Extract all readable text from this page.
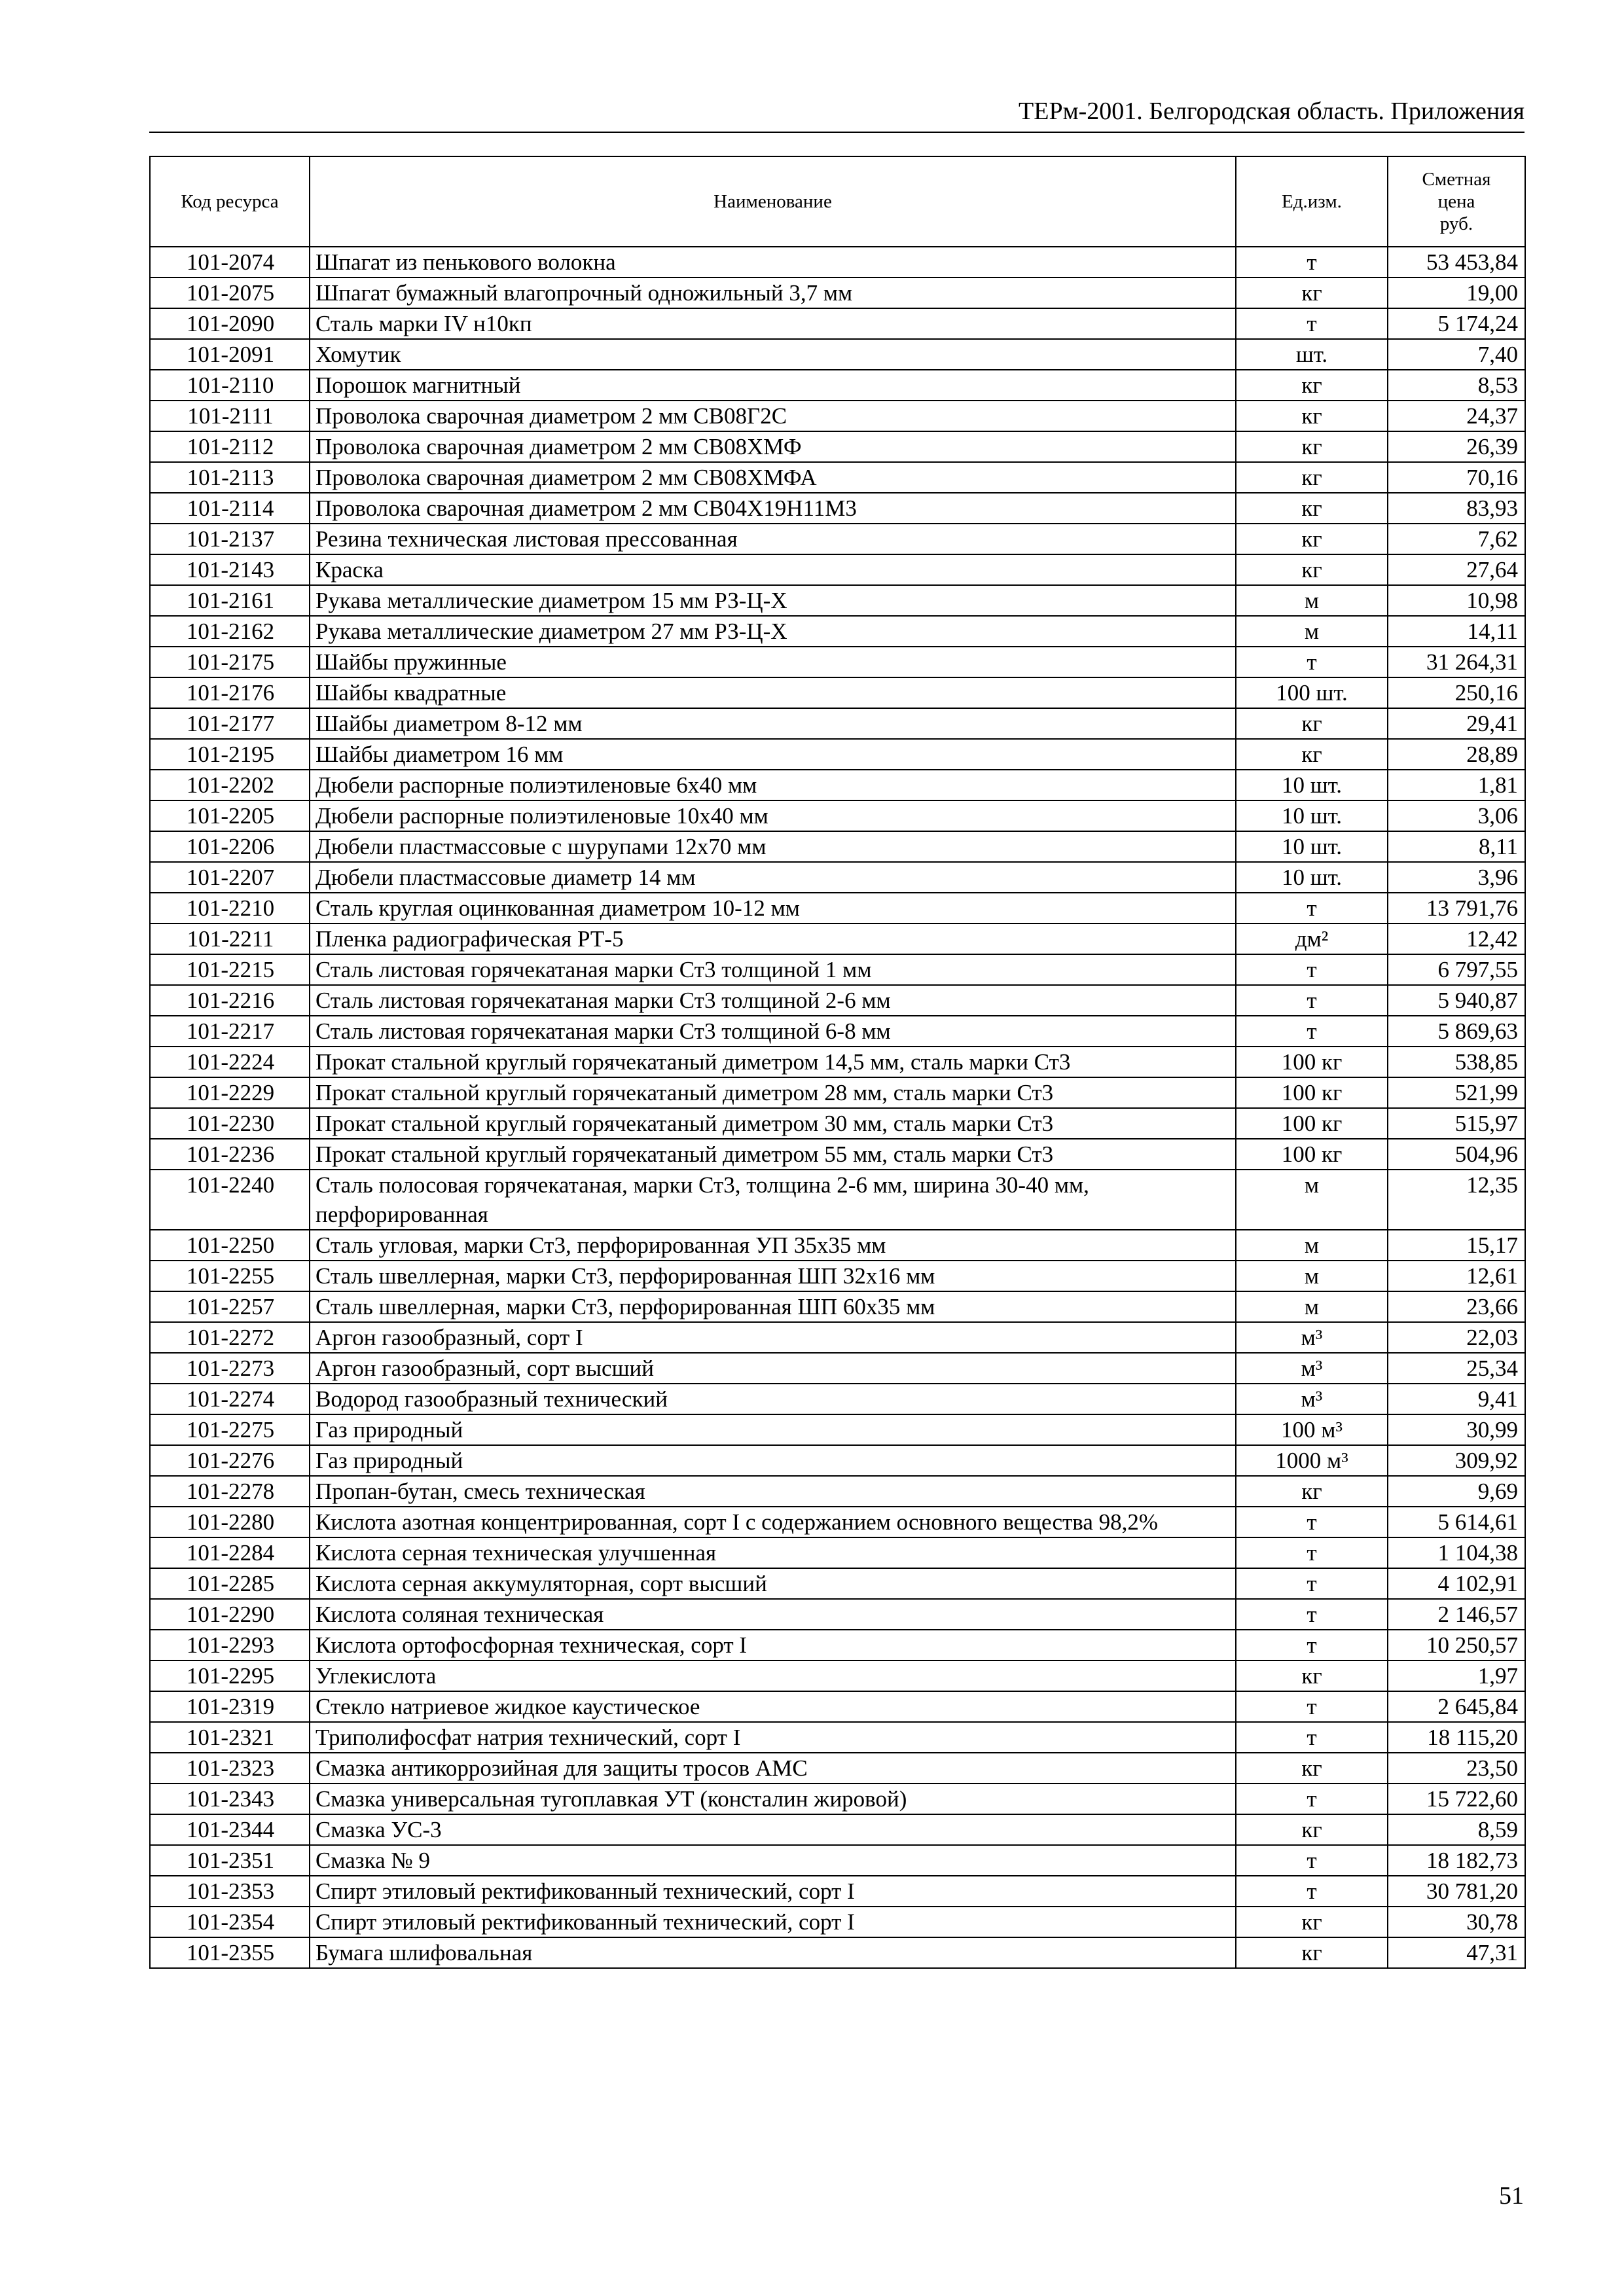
ТЕРм-2001. Белгородская область. Приложения
Код ресурса	Наименование	Ед.изм.	Сметная
цена
руб.

101-2074	Шпагат из пенькового волокна	т	53 453,84
101-2075	Шпагат бумажный влагопрочный одножильный 3,7 мм	кг	19,00
101-2090	Сталь марки IV н10кп	т	5 174,24
101-2091	Хомутик	шт.	7,40
101-2110	Порошок магнитный	кг	8,53
101-2111	Проволока сварочная диаметром 2 мм СВ08Г2С	кг	24,37
101-2112	Проволока сварочная диаметром 2 мм СВ08ХМФ	кг	26,39
101-2113	Проволока сварочная диаметром 2 мм СВ08ХМФА	кг	70,16
101-2114	Проволока сварочная диаметром 2 мм СВ04Х19Н11М3	кг	83,93
101-2137	Резина техническая листовая прессованная	кг	7,62
101-2143	Краска	кг	27,64
101-2161	Рукава металлические диаметром 15 мм РЗ-Ц-Х	м	10,98
101-2162	Рукава металлические диаметром 27 мм РЗ-Ц-Х	м	14,11
101-2175	Шайбы пружинные	т	31 264,31
101-2176	Шайбы квадратные	100 шт.	250,16
101-2177	Шайбы диаметром 8-12 мм	кг	29,41
101-2195	Шайбы диаметром 16 мм	кг	28,89
101-2202	Дюбели распорные полиэтиленовые 6х40 мм	10 шт.	1,81
101-2205	Дюбели распорные полиэтиленовые 10х40 мм	10 шт.	3,06
101-2206	Дюбели пластмассовые с шурупами 12х70 мм	10 шт.	8,11
101-2207	Дюбели пластмассовые диаметр 14 мм	10 шт.	3,96
101-2210	Сталь круглая оцинкованная диаметром 10-12 мм	т	13 791,76
101-2211	Пленка радиографическая РТ-5	дм²	12,42
101-2215	Сталь листовая горячекатаная марки Ст3 толщиной 1 мм	т	6 797,55
101-2216	Сталь листовая горячекатаная марки Ст3 толщиной 2-6 мм	т	5 940,87
101-2217	Сталь листовая горячекатаная марки Ст3 толщиной 6-8 мм	т	5 869,63
101-2224	Прокат стальной круглый горячекатаный диметром 14,5 мм, сталь марки Ст3	100 кг	538,85
101-2229	Прокат стальной круглый горячекатаный диметром 28 мм, сталь марки Ст3	100 кг	521,99
101-2230	Прокат стальной круглый горячекатаный диметром 30 мм, сталь марки Ст3	100 кг	515,97
101-2236	Прокат стальной круглый горячекатаный диметром 55 мм, сталь марки Ст3	100 кг	504,96
101-2240	Сталь полосовая горячекатаная, марки Ст3, толщина 2-6 мм, ширина 30-40 мм, перфорированная	м	12,35
101-2250	Сталь угловая, марки Ст3, перфорированная УП 35х35 мм	м	15,17
101-2255	Сталь швеллерная, марки Ст3, перфорированная ШП 32х16 мм	м	12,61
101-2257	Сталь швеллерная, марки Ст3, перфорированная ШП 60х35 мм	м	23,66
101-2272	Аргон газообразный, сорт I	м³	22,03
101-2273	Аргон газообразный, сорт высший	м³	25,34
101-2274	Водород газообразный технический	м³	9,41
101-2275	Газ природный	100 м³	30,99
101-2276	Газ природный	1000 м³	309,92
101-2278	Пропан-бутан, смесь техническая	кг	9,69
101-2280	Кислота азотная концентрированная, сорт I с содержанием основного вещества 98,2%	т	5 614,61
101-2284	Кислота серная техническая улучшенная	т	1 104,38
101-2285	Кислота серная аккумуляторная, сорт высший	т	4 102,91
101-2290	Кислота соляная техническая	т	2 146,57
101-2293	Кислота ортофосфорная техническая, сорт I	т	10 250,57
101-2295	Углекислота	кг	1,97
101-2319	Стекло натриевое жидкое каустическое	т	2 645,84
101-2321	Триполифосфат натрия технический, сорт I	т	18 115,20
101-2323	Смазка антикоррозийная для защиты тросов АМС	кг	23,50
101-2343	Смазка универсальная тугоплавкая УТ (консталин жировой)	т	15 722,60
101-2344	Смазка УС-3	кг	8,59
101-2351	Смазка № 9	т	18 182,73
101-2353	Спирт этиловый ректификованный технический, сорт I	т	30 781,20
101-2354	Спирт этиловый ректификованный технический, сорт I	кг	30,78
101-2355	Бумага шлифовальная	кг	47,31
51
